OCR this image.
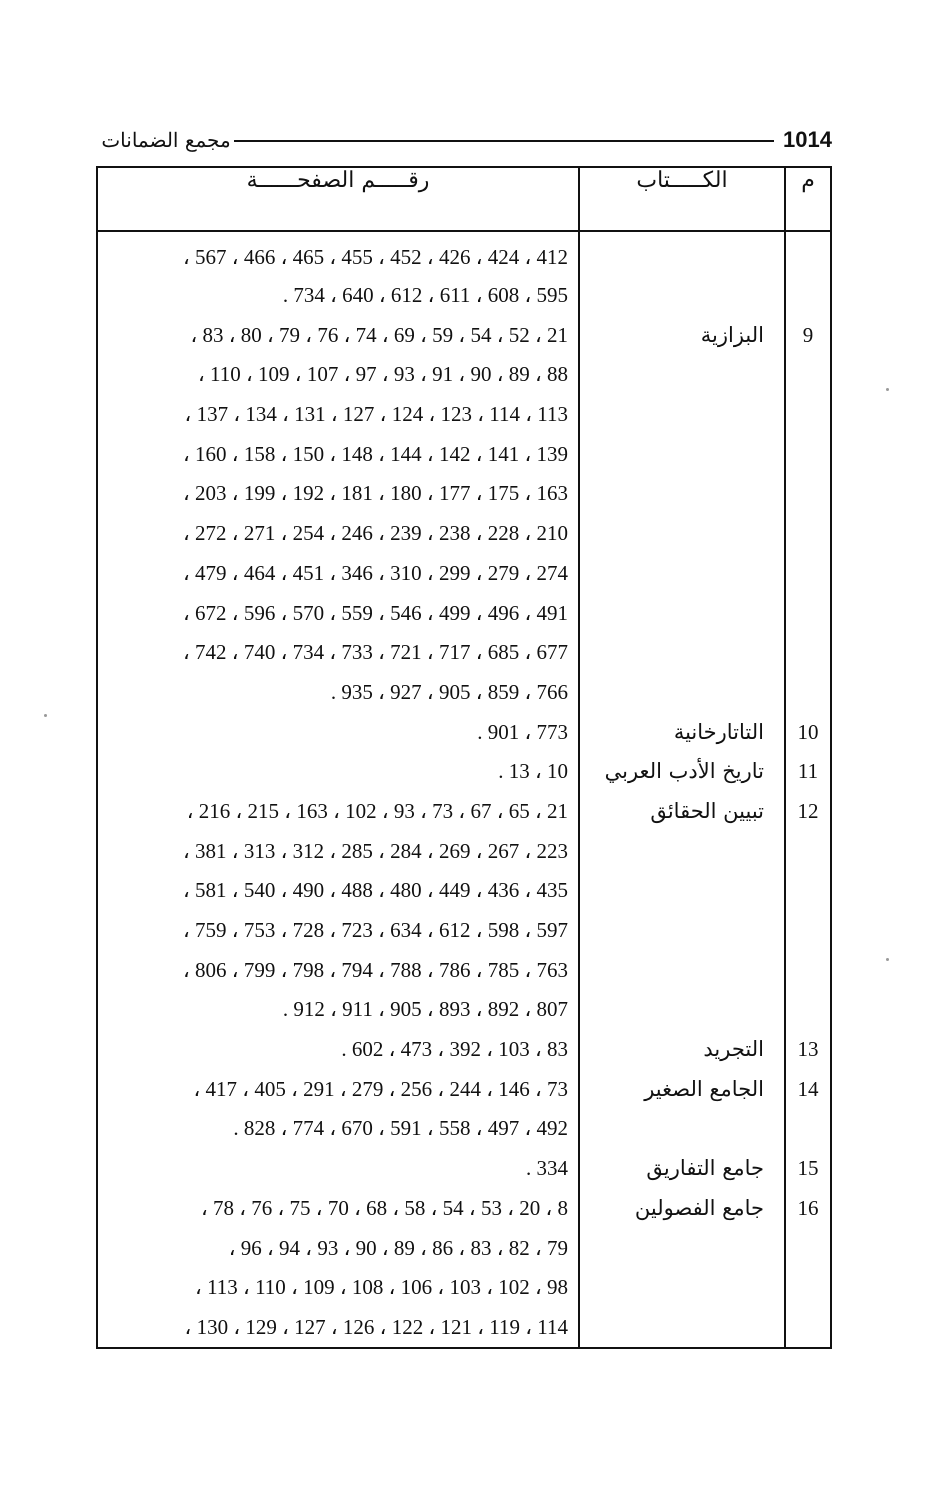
مجمع الضمانات	1014
م	الكـــــتاب	رقـــــم الصفحــــــة
		412 ، 424 ، 426 ، 452 ، 455 ، 465 ، 466 ، 567 ،
		595 ، 608 ، 611 ، 612 ، 640 ، 734 .
9	البزازية	21 ، 52 ، 54 ، 59 ، 69 ، 74 ، 76 ، 79 ، 80 ، 83 ،
		88 ، 89 ، 90 ، 91 ، 93 ، 97 ، 107 ، 109 ، 110 ،
		113 ، 114 ، 123 ، 124 ، 127 ، 131 ، 134 ، 137 ،
		139 ، 141 ، 142 ، 144 ، 148 ، 150 ، 158 ، 160 ،
		163 ، 175 ، 177 ، 180 ، 181 ، 192 ، 199 ، 203 ،
		210 ، 228 ، 238 ، 239 ، 246 ، 254 ، 271 ، 272 ،
		274 ، 279 ، 299 ، 310 ، 346 ، 451 ، 464 ، 479 ،
		491 ، 496 ، 499 ، 546 ، 559 ، 570 ، 596 ، 672 ،
		677 ، 685 ، 717 ، 721 ، 733 ، 734 ، 740 ، 742 ،
		766 ، 859 ، 905 ، 927 ، 935 .
10	التاتارخانية	773 ، 901 .
11	تاريخ الأدب العربي	10 ، 13 .
12	تبيين الحقائق	21 ، 65 ، 67 ، 73 ، 93 ، 102 ، 163 ، 215 ، 216 ،
		223 ، 267 ، 269 ، 284 ، 285 ، 312 ، 313 ، 381 ،
		435 ، 436 ، 449 ، 480 ، 488 ، 490 ، 540 ، 581 ،
		597 ، 598 ، 612 ، 634 ، 723 ، 728 ، 753 ، 759 ،
		763 ، 785 ، 786 ، 788 ، 794 ، 798 ، 799 ، 806 ،
		807 ، 892 ، 893 ، 905 ، 911 ، 912 .
13	التجريد	83 ، 103 ، 392 ، 473 ، 602 .
14	الجامع الصغير	73 ، 146 ، 244 ، 256 ، 279 ، 291 ، 405 ، 417 ،
		492 ، 497 ، 558 ، 591 ، 670 ، 774 ، 828 .
15	جامع التفاريق	334 .
16	جامع الفصولين	8 ، 20 ، 53 ، 54 ، 58 ، 68 ، 70 ، 75 ، 76 ، 78 ،
		79 ، 82 ، 83 ، 86 ، 89 ، 90 ، 93 ، 94 ، 96 ،
		98 ، 102 ، 103 ، 106 ، 108 ، 109 ، 110 ، 113 ،
		114 ، 119 ، 121 ، 122 ، 126 ، 127 ، 129 ، 130 ،
